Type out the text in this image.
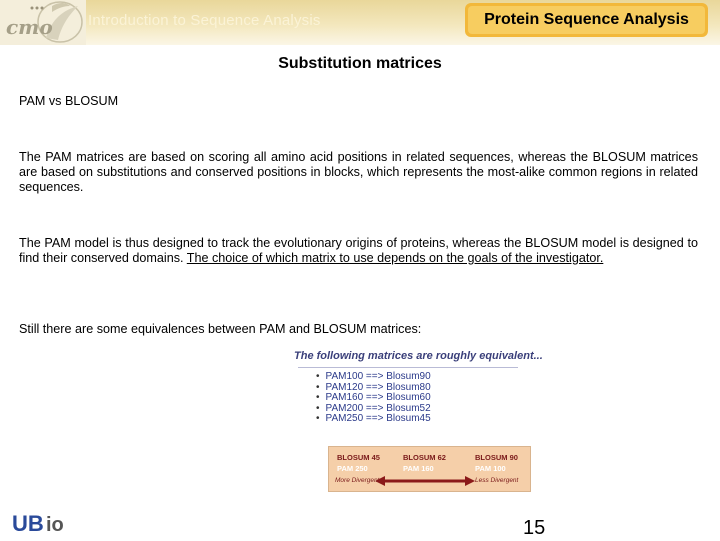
cmo Introduction to Sequence Analysis	Protein Sequence Analysis
Substitution matrices
PAM vs BLOSUM
The PAM matrices are based on scoring all amino acid positions in related sequences, whereas the BLOSUM matrices are based on substitutions and conserved positions in blocks, which represents the most-alike common regions in related sequences.
The PAM model is thus designed to track the evolutionary origins of proteins, whereas the BLOSUM model is designed to find their conserved domains. The choice of which matrix to use depends on the goals of the investigator.
Still there are some equivalences between PAM and BLOSUM matrices:
The following matrices are roughly equivalent...
• PAM100 ==> Blosum90
• PAM120 ==> Blosum80
• PAM160 ==> Blosum60
• PAM200 ==> Blosum52
• PAM250 ==> Blosum45
BLOSUM 45	BLOSUM 62	BLOSUM 90
PAM 250	PAM 160	PAM 100
More Divergent	Less Divergent
UB io	15
